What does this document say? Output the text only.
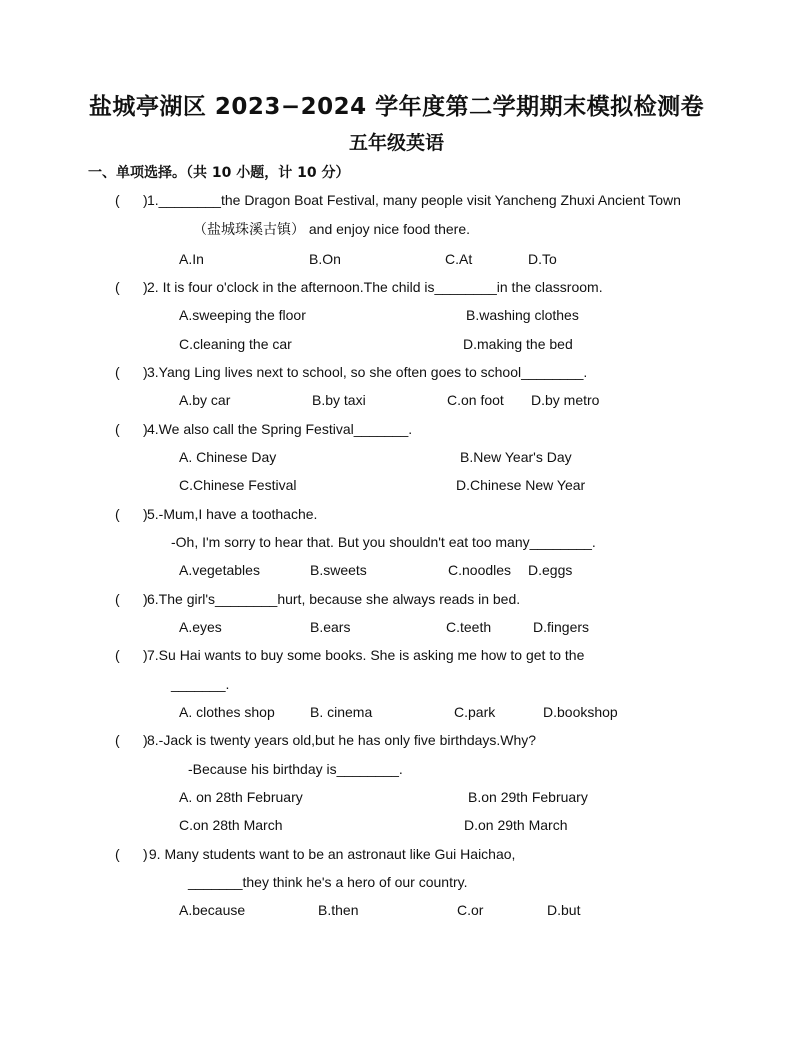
盐城亭湖区 2023−2024 学年度第二学期期末模拟检测卷
五年级英语
一、单项选择。（共 10 小题，计 10 分）
(      ) 1.________the Dragon Boat Festival, many people visit Yancheng Zhuxi Ancient Town
（盐城珠溪古镇） and enjoy nice food there.
A.In	B.On	C.At	D.To
(      ) 2. It is four o'clock in the afternoon.The child is________in the classroom.
A.sweeping the floor	B.washing clothes
C.cleaning the car	D.making the bed
(      ) 3.Yang Ling lives next to school, so she often goes to school________.
A.by car	B.by taxi	C.on foot D.by metro
(      ) 4.We also call the Spring Festival_______.
A. Chinese Day	B.New Year's Day
C.Chinese Festival	D.Chinese New Year
(      ) 5.-Mum,I have a toothache.
-Oh, I'm sorry to hear that. But you shouldn't eat too many________.
A.vegetables	B.sweets	C.noodles D.eggs
(      ) 6.The girl's________hurt, because she always reads in bed.
A.eyes	B.ears	C.teeth	D.fingers
(      ) 7.Su Hai wants to buy some books. She is asking me how to get to the
_______.
A. clothes shop	B. cinema	C.park	D.bookshop
(      ) 8.-Jack is twenty years old,but he has only five birthdays.Why?
-Because his birthday is________.
A. on 28th February	B.on 29th February
C.on 28th March	D.on 29th March
(      )
9. Many students want to be an astronaut like Gui Haichao,
_______they think he's a hero of our country.
A.because	B.then	C.or	D.but
